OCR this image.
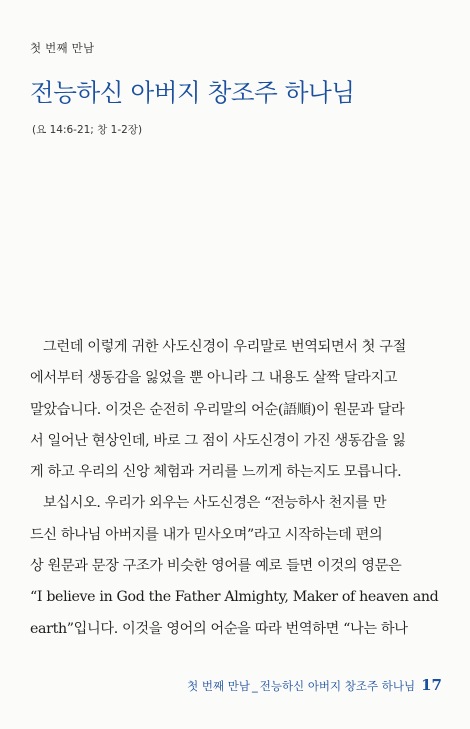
첫 번째 만남
전능하신 아버지 창조주 하나님
(요 14:6-21; 창 1-2장)
그런데 이렇게 귀한 사도신경이 우리말로 번역되면서 첫 구절
에서부터 생동감을 잃었을 뿐 아니라 그 내용도 살짝 달라지고
말았습니다. 이것은 순전히 우리말의 어순(語順)이 원문과 달라
서 일어난 현상인데, 바로 그 점이 사도신경이 가진 생동감을 잃
게 하고 우리의 신앙 체험과 거리를 느끼게 하는지도 모릅니다.
보십시오. 우리가 외우는 사도신경은 “전능하사 천지를 만
드신 하나님 아버지를 내가 믿사오며”라고 시작하는데 편의
상 원문과 문장 구조가 비슷한 영어를 예로 들면 이것의 영문은
“I believe in God the Father Almighty, Maker of heaven and
earth”입니다. 이것을 영어의 어순을 따라 번역하면 “나는 하나
첫 번째 만남 _ 전능하신 아버지 창조주 하나님 17
